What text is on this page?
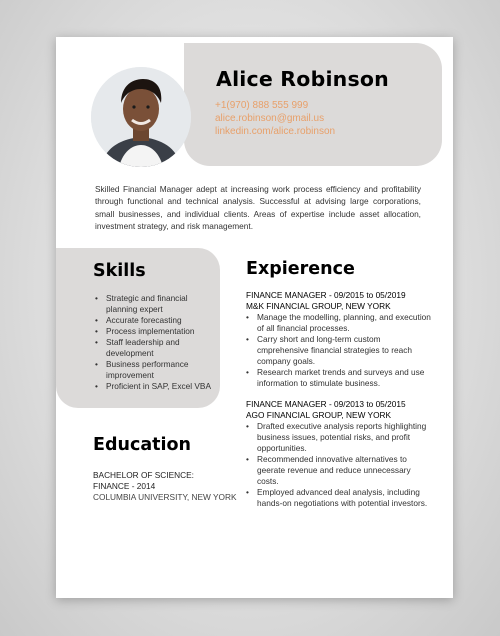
Alice Robinson
+1(970) 888 555 999
alice.robinson@gmail.us
linkedin.com/alice.robinson

Skilled Financial Manager adept at increasing work process efficiency and profitability through functional and technical analysis. Successful at advising large corporations, small businesses, and individual clients. Areas of expertise include asset allocation, investment strategy, and risk management.

Skills
• Strategic and financial planning expert
• Accurate forecasting
• Process implementation
• Staff leadership and development
• Business performance improvement
• Proficient in SAP, Excel VBA
Education
BACHELOR OF SCIENCE:
FINANCE - 2014
COLUMBIA UNIVERSITY, NEW YORK
Expierence
FINANCE MANAGER - 09/2015 to 05/2019
M&K FINANCIAL GROUP, NEW YORK
• Manage the modelling, planning, and execution of all financial processes.
• Carry short and long-term custom cmprehensive financial strategies to reach company goals.
• Research market trends and surveys and use information to stimulate business.
FINANCE MANAGER - 09/2013 to 05/2015
AGO FINANCIAL GROUP, NEW YORK
• Drafted executive analysis reports highlighting business issues, potential risks, and profit opportunities.
• Recommended innovative alternatives to geerate revenue and reduce unnecessary costs.
• Employed advanced deal analysis, including hands-on negotiations with potential investors.
